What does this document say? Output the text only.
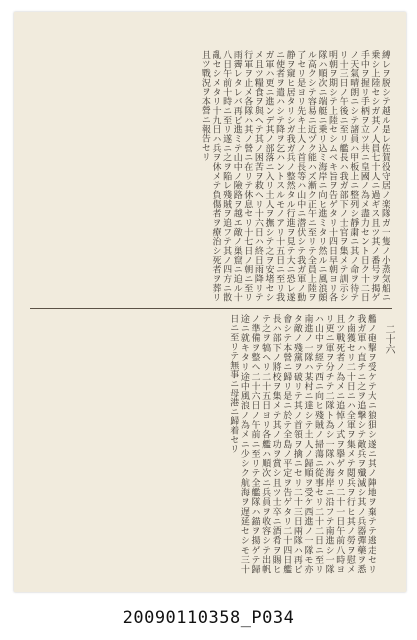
縛レヲ脱シテ越ル是レ佐賀役守居ノ楽隊ガ一隻ノ小蒸気船ニ乗シ上陸セシガ其ノ人員七十人ニ過ギス且ツ其ノ番号ヲ揭ゲ手中ヲ握リ手柄ヲ立ツ共ニ皇國ノ為メ盡力セント日ク十二日ノ天氣晴朗ニシテ諸員ハ甲板上ニ整列シ靜粛ニ其ノ命ヲ待テリ十三日ノ午後ニ至リ艦長ハ我ガ部下ノ士官ヲ集メテ訓示シ明朝ヲ期シテ上陸セシムベキ旨ヲ告ゲタリ十四日早朝ヨリ各隊ハ順次ニ端艇ニ乗リ込ミ海岸ニ向ヒ進ミタリ然ルニ風浪頗ル高クシテ容易ニ近ヅク能ハズ漸ク正午ニ至リテ全員上陸ヲ了セリ是ヨリ先キ土人ノ首長等ハ山中ニ潜伏シテ我ガ軍ノ動静ヲ窺ヒ居タリシガ我ガ兵ノ整然タル行進ヲ見テ大ニ恐レ遂ニ使者ヲ遣ハシテ降ヲ乞ハントスルモノアリ十五日ニ至リ我ガ軍ハ更ニ進ンデ其ノ部落ニ入リ土人ヲ撫シテ之ヲ安堵セシメ且ツ糧食ヲ與ヘテ其ノ困苦ヲ救ヘリ十六日ハ終日雨降リテ行軍ヲ止メ各隊ハ其ノ營ニ在リテ休息セリ十七日ノ朝ニ至リ雨霽レタレバ再ビ進ミテ山中ノ險路ヲ越エ敵ノ巣窟ニ迫ル十八日午前十時ニ至リ遂ニ之ヲ陥レ殘賊ヲ追フテ其ノ四方ニ散亂セシメタリ十九日ハ兵ヲ休メテ負傷者ヲ療治シ死者ヲ葬リ且ツ戰況ヲ本營ニ報告セリ
二十六
艦ノ砲撃ヲ受ケテ大ニ狼狽シ遂ニ其ノ陣地ヲ棄テテ逃走セリ我ガ軍ハ直チニ之ヲ追撃シテ敵兵ヲ殲滅シ其ノ兵器彈藥ヲ悉ク鹵獲セリ二十日ニハ全軍ヲ集メテ閲兵ヲ行ヒ其ノ勞ヲ慰メ且ツ戰死者ノ為メニ追悼ノ式ヲ擧ゲタリ二十一日午前八時ヨリ更ニ軍ヲ分チテ二隊ト為シ一隊ハ海岸ニ沿フテ南進シ一隊ハ山中ヲ經テ西ニ向ヒ殘賊ノ掃蕩ニ從事セリ二十二日ニ至リ南進ノ一隊ハ某村ニ達シテ土人ノ歸順ヲ受ケ西進ノ一隊モ亦タ敵ノ殘黨ヲ破リテ其ノ首領ヲ擒ニセリ二十三日兩隊ハ再ビ會シテ本營ニ歸リ是ニ於テ全島ノ平定ヲ告ゲタリ二十四日艦長ハ部下ノ將校ヲ集メテ其ノ功ヲ賞シ且ツ士卒ニ酒肴ヲ賜ヒテ之ヲ犒ヘリ二十五日ヨリ各艦ハ順次ニ兵員ヲ收容シテ出帆ノ準備ヲ整ヘ二十六日ノ午前ニ至リテ全艦隊ハ錨ヲ揚ゲテ歸途ニ就キタリ途中風浪ノ為メニ少シク航海ヲ遅延セシモ三十日ニ至リテ無事ニ母港ニ歸着セリ
20090110358_P034
